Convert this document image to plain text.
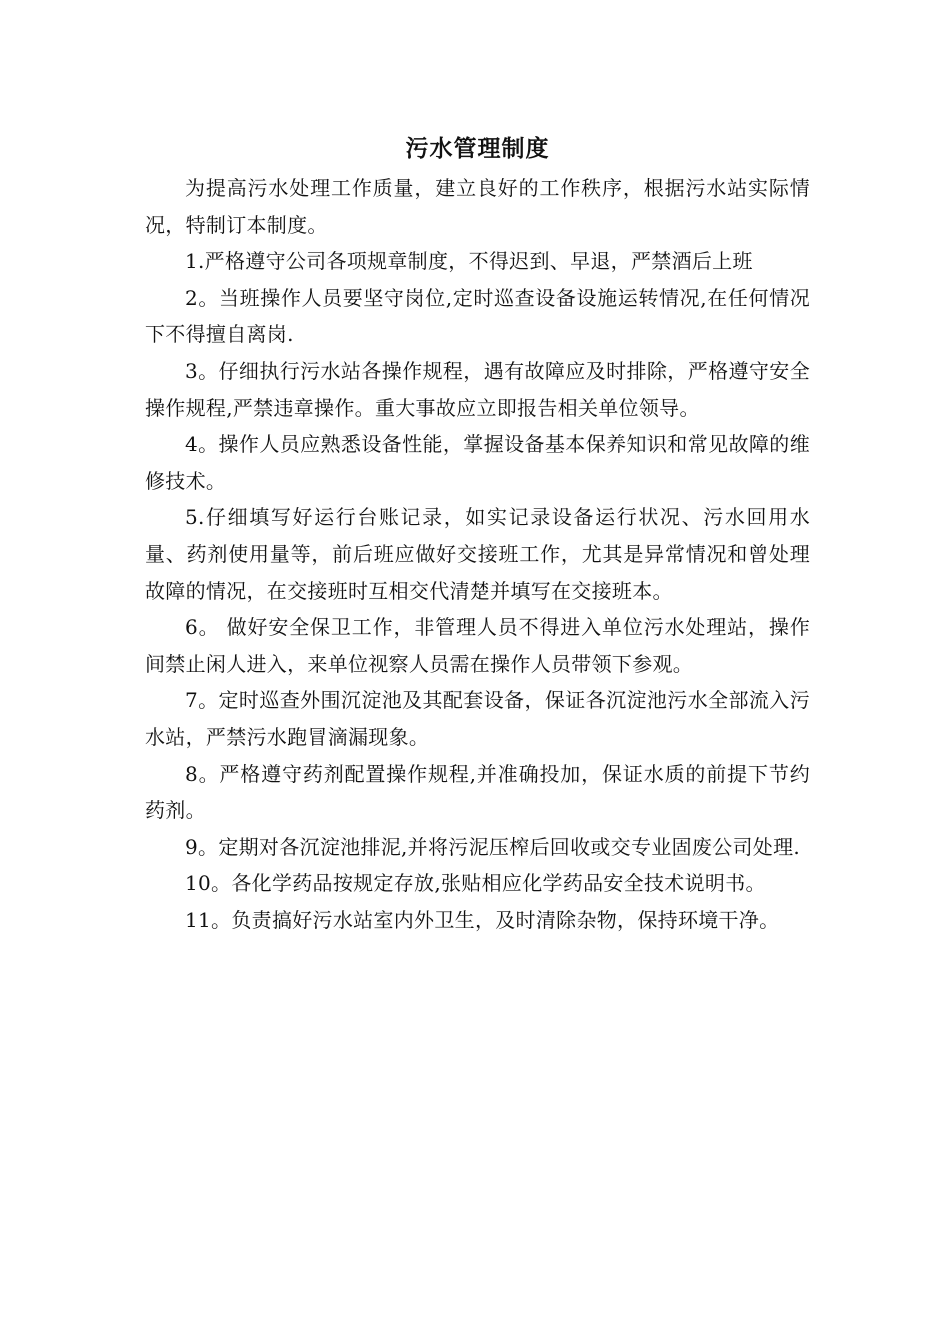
污水管理制度

为提高污水处理工作质量，建立良好的工作秩序，根据污水站实际情况，特制订本制度。

1.严格遵守公司各项规章制度，不得迟到、早退，严禁酒后上班

2。当班操作人员要坚守岗位,定时巡查设备设施运转情况,在任何情况下不得擅自离岗.

3。仔细执行污水站各操作规程，遇有故障应及时排除，严格遵守安全操作规程,严禁违章操作。重大事故应立即报告相关单位领导。

4。操作人员应熟悉设备性能，掌握设备基本保养知识和常见故障的维修技术。

5.仔细填写好运行台账记录，如实记录设备运行状况、污水回用水量、药剂使用量等，前后班应做好交接班工作，尤其是异常情况和曾处理故障的情况，在交接班时互相交代清楚并填写在交接班本。

6。 做好安全保卫工作，非管理人员不得进入单位污水处理站，操作间禁止闲人进入，来单位视察人员需在操作人员带领下参观。

7。定时巡查外围沉淀池及其配套设备，保证各沉淀池污水全部流入污水站，严禁污水跑冒滴漏现象。

8。严格遵守药剂配置操作规程,并准确投加，保证水质的前提下节约药剂。

9。定期对各沉淀池排泥,并将污泥压榨后回收或交专业固废公司处理.

10。各化学药品按规定存放,张贴相应化学药品安全技术说明书。

11。负责搞好污水站室内外卫生，及时清除杂物，保持环境干净。
